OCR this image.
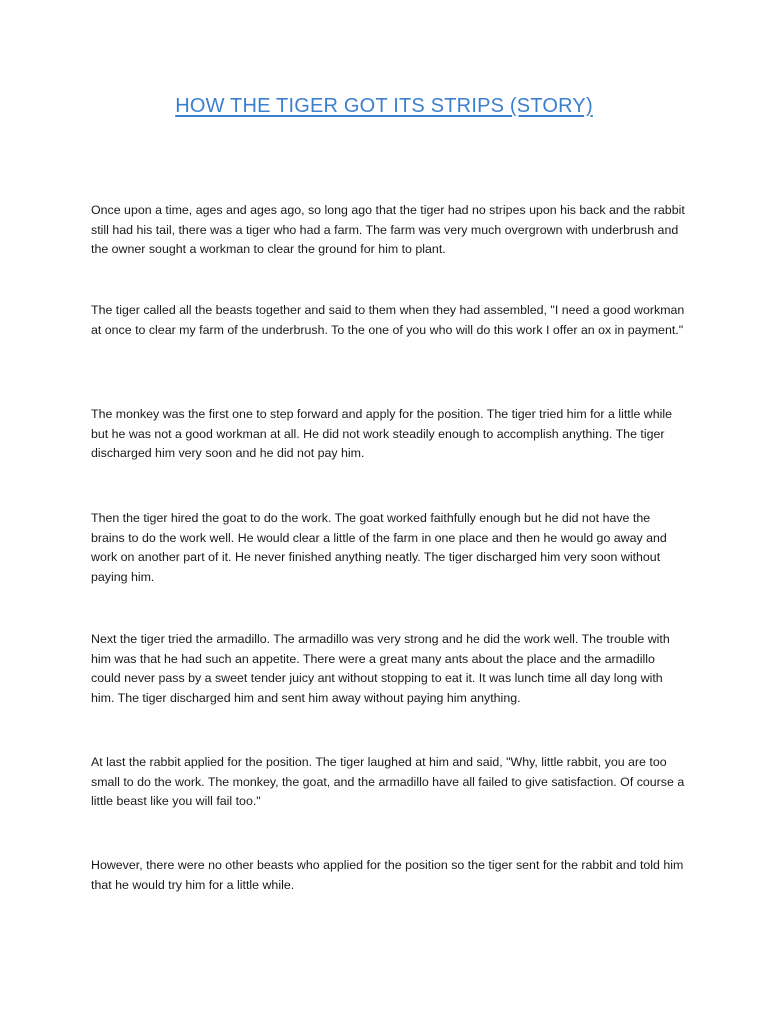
HOW THE TIGER GOT ITS STRIPS (STORY)

Once upon a time, ages and ages ago, so long ago that the tiger had no stripes upon his back and the rabbit still had his tail, there was a tiger who had a farm. The farm was very much overgrown with underbrush and the owner sought a workman to clear the ground for him to plant.

The tiger called all the beasts together and said to them when they had assembled, "I need a good workman at once to clear my farm of the underbrush. To the one of you who will do this work I offer an ox in payment."

The monkey was the first one to step forward and apply for the position. The tiger tried him for a little while but he was not a good workman at all. He did not work steadily enough to accomplish anything. The tiger discharged him very soon and he did not pay him.

Then the tiger hired the goat to do the work. The goat worked faithfully enough but he did not have the brains to do the work well. He would clear a little of the farm in one place and then he would go away and work on another part of it. He never finished anything neatly. The tiger discharged him very soon without paying him.

Next the tiger tried the armadillo. The armadillo was very strong and he did the work well. The trouble with him was that he had such an appetite. There were a great many ants about the place and the armadillo could never pass by a sweet tender juicy ant without stopping to eat it. It was lunch time all day long with him. The tiger discharged him and sent him away without paying him anything.

At last the rabbit applied for the position. The tiger laughed at him and said, "Why, little rabbit, you are too small to do the work. The monkey, the goat, and the armadillo have all failed to give satisfaction. Of course a little beast like you will fail too."

However, there were no other beasts who applied for the position so the tiger sent for the rabbit and told him that he would try him for a little while.
